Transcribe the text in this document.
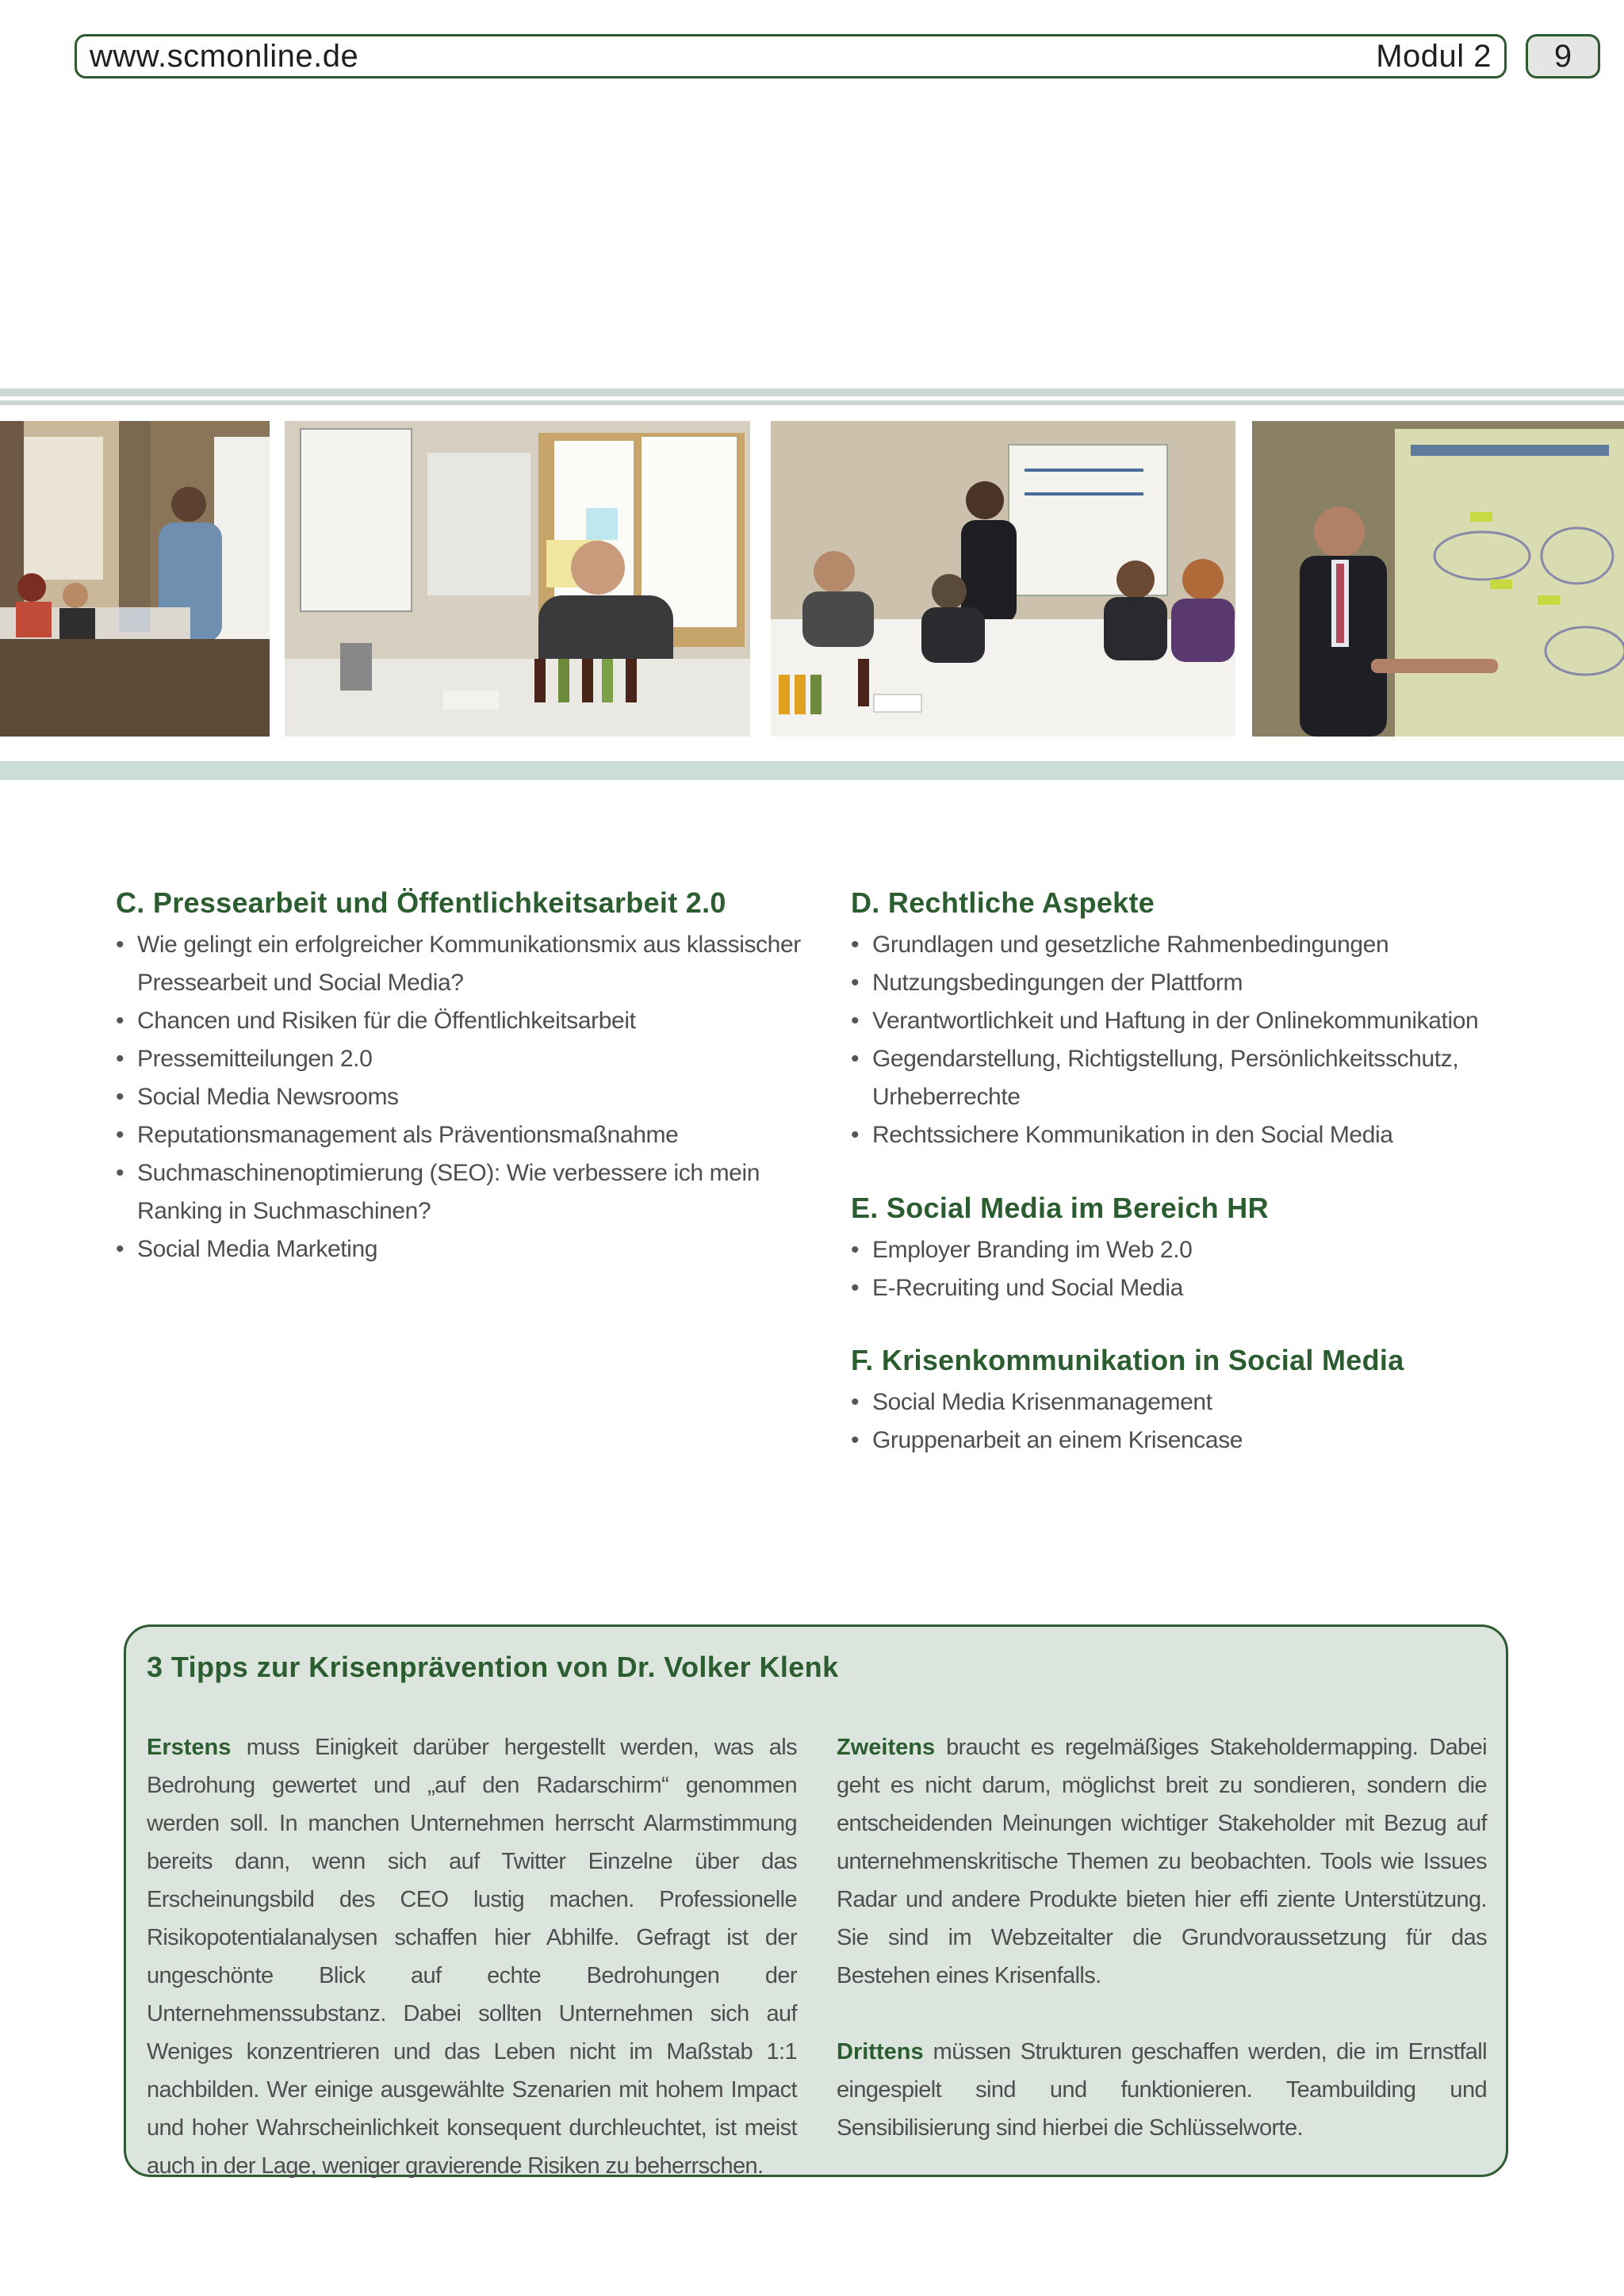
www.scmonline.de	Modul 2	9
C. Pressearbeit und Öffentlichkeitsarbeit 2.0
• Wie gelingt ein erfolgreicher Kommunikationsmix aus klassischer Pressearbeit und Social Media?
• Chancen und Risiken für die Öffentlichkeitsarbeit
• Pressemitteilungen 2.0
• Social Media Newsrooms
• Reputationsmanagement als Präventionsmaßnahme
• Suchmaschinenoptimierung (SEO): Wie verbessere ich mein Ranking in Suchmaschinen?
• Social Media Marketing
D. Rechtliche Aspekte
• Grundlagen und gesetzliche Rahmenbedingungen
• Nutzungsbedingungen der Plattform
• Verantwortlichkeit und Haftung in der Onlinekommunikation
• Gegendarstellung, Richtigstellung, Persönlichkeitsschutz, Urheberrechte
• Rechtssichere Kommunikation in den Social Media
E. Social Media im Bereich HR
• Employer Branding im Web 2.0
• E-Recruiting und Social Media
F. Krisenkommunikation in Social Media
• Social Media Krisenmanagement
• Gruppenarbeit an einem Krisencase
3 Tipps zur Krisenprävention von Dr. Volker Klenk

Erstens muss Einigkeit darüber hergestellt werden, was als Bedrohung gewertet und „auf den Radarschirm“ genommen werden soll. In manchen Unternehmen herrscht Alarmstimmung bereits dann, wenn sich auf Twitter Einzelne über das Erscheinungsbild des CEO lustig machen. Professionelle Risikopotentialanalysen schaffen hier Abhilfe. Gefragt ist der ungeschönte Blick auf echte Bedrohungen der Unternehmenssubstanz. Dabei sollten Unternehmen sich auf Weniges konzentrieren und das Leben nicht im Maßstab 1:1 nachbilden. Wer einige ausgewählte Szenarien mit hohem Impact und hoher Wahrscheinlichkeit konsequent durchleuchtet, ist meist auch in der Lage, weniger gravierende Risiken zu beherrschen.

Zweitens braucht es regelmäßiges Stakeholdermapping. Dabei geht es nicht darum, möglichst breit zu sondieren, sondern die entscheidenden Meinungen wichtiger Stakeholder mit Bezug auf unternehmenskritische Themen zu beobachten. Tools wie Issues Radar und andere Produkte bieten hier effi ziente Unterstützung. Sie sind im Webzeitalter die Grundvoraussetzung für das Bestehen eines Krisenfalls.

Drittens müssen Strukturen geschaffen werden, die im Ernstfall eingespielt sind und funktionieren. Teambuilding und Sensibilisierung sind hierbei die Schlüsselworte.
